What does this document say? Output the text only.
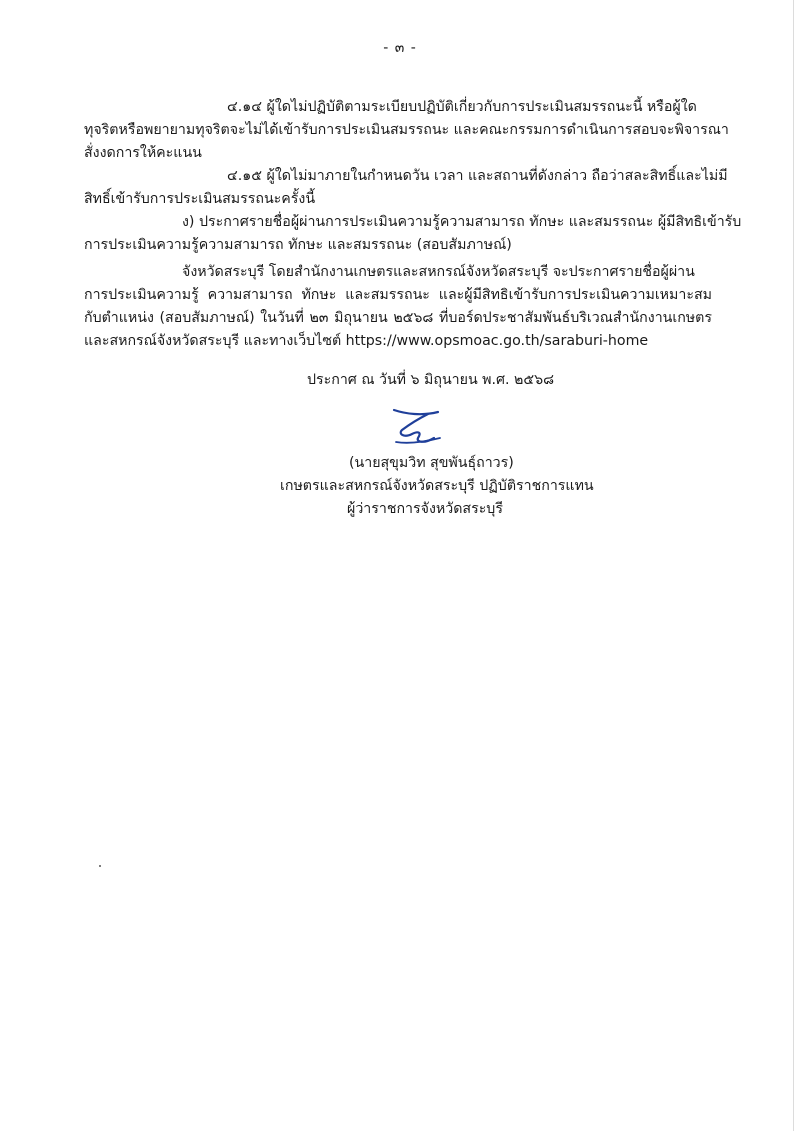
- ๓ -
๔.๑๔ ผู้ใดไม่ปฏิบัติตามระเบียบปฏิบัติเกี่ยวกับการประเมินสมรรถนะนี้ หรือผู้ใด
ทุจริตหรือพยายามทุจริตจะไม่ได้เข้ารับการประเมินสมรรถนะ และคณะกรรมการดำเนินการสอบจะพิจารณา
สั่งงดการให้คะแนน
๔.๑๕ ผู้ใดไม่มาภายในกำหนดวัน เวลา และสถานที่ดังกล่าว ถือว่าสละสิทธิ์และไม่มี
สิทธิ์เข้ารับการประเมินสมรรถนะครั้งนี้
ง) ประกาศรายชื่อผู้ผ่านการประเมินความรู้ความสามารถ ทักษะ และสมรรถนะ ผู้มีสิทธิเข้ารับ
การประเมินความรู้ความสามารถ ทักษะ และสมรรถนะ (สอบสัมภาษณ์)
จังหวัดสระบุรี โดยสำนักงานเกษตรและสหกรณ์จังหวัดสระบุรี จะประกาศรายชื่อผู้ผ่าน
การประเมินความรู้ ความสามารถ ทักษะ และสมรรถนะ และผู้มีสิทธิเข้ารับการประเมินความเหมาะสม
กับตำแหน่ง (สอบสัมภาษณ์) ในวันที่ ๒๓ มิถุนายน ๒๕๖๘ ที่บอร์ดประชาสัมพันธ์บริเวณสำนักงานเกษตร
และสหกรณ์จังหวัดสระบุรี และทางเว็บไซต์ https://www.opsmoac.go.th/saraburi-home
ประกาศ ณ วันที่ ๖ มิถุนายน พ.ศ. ๒๕๖๘
(นายสุขุมวิท สุขพันธุ์ถาวร)
เกษตรและสหกรณ์จังหวัดสระบุรี ปฏิบัติราชการแทน
ผู้ว่าราชการจังหวัดสระบุรี
